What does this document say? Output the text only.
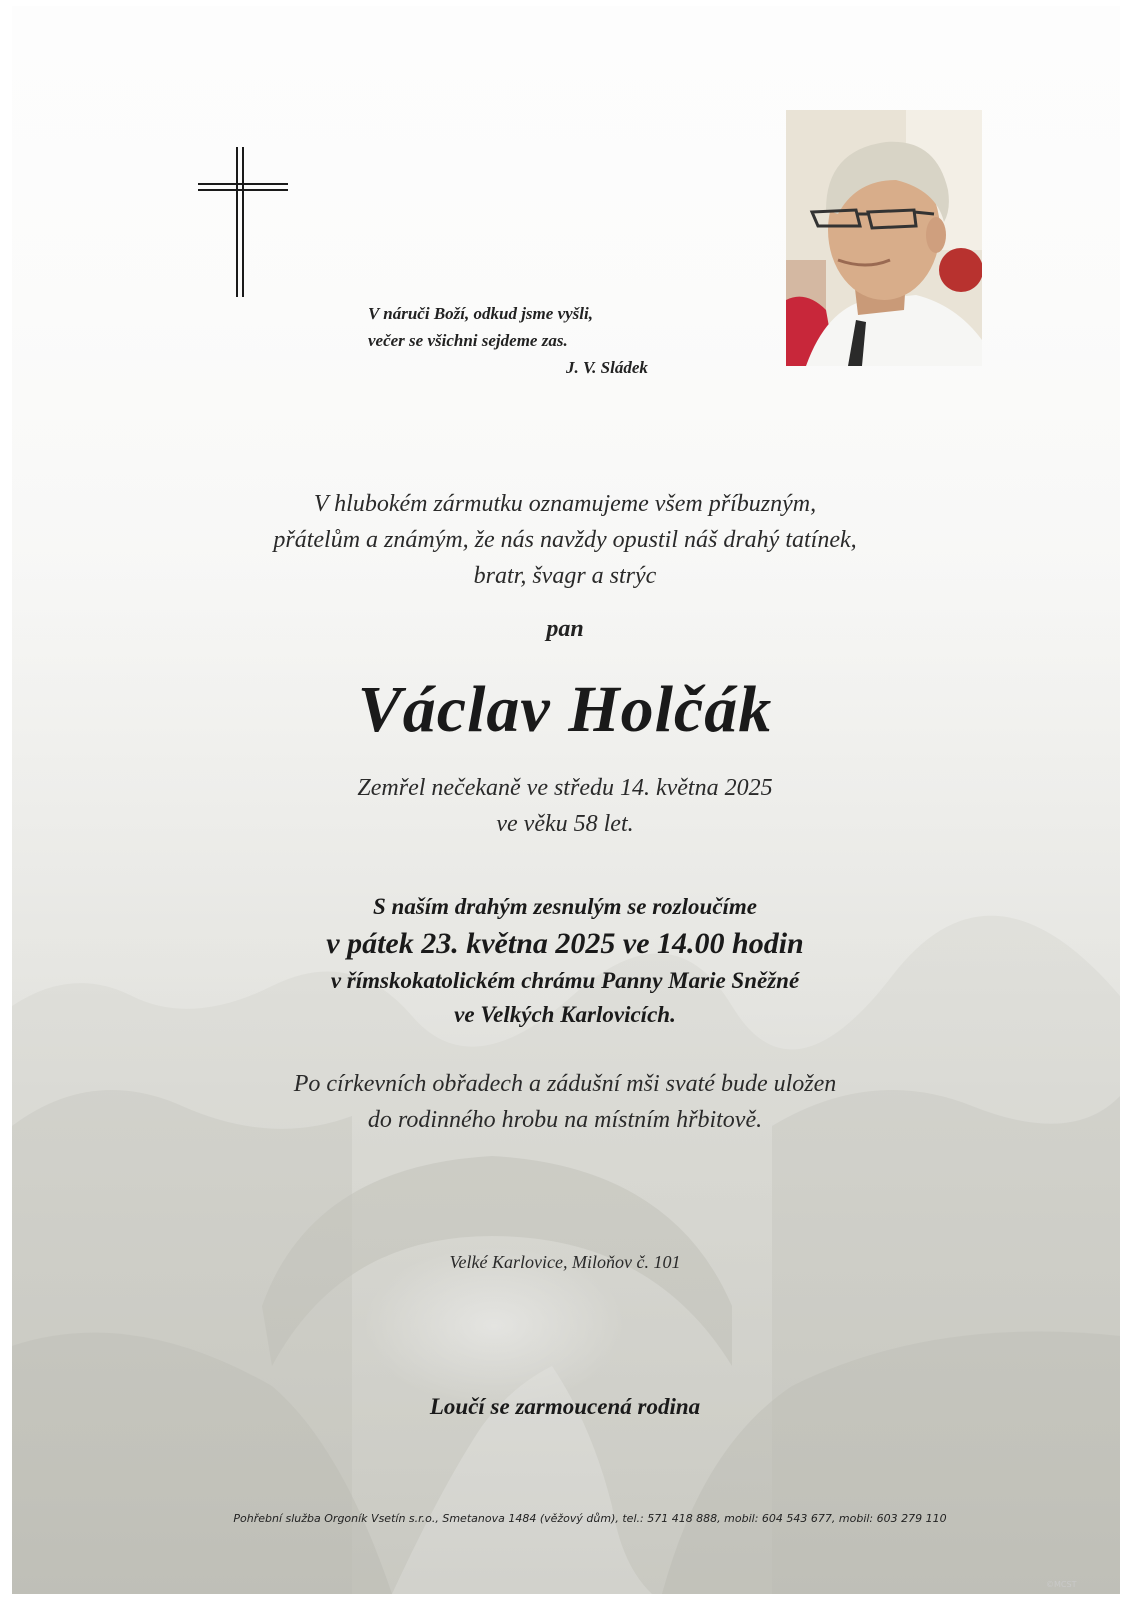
V náruči Boží, odkud jsme vyšli,
večer se všichni sejdeme zas.
J. V. Sládek
V hlubokém zármutku oznamujeme všem příbuzným,
přátelům a známým, že nás navždy opustil náš drahý tatínek,
bratr, švagr a strýc
pan
Václav Holčák
Zemřel nečekaně ve středu 14. května 2025
ve věku 58 let.
S naším drahým zesnulým se rozloučíme
v pátek 23. května 2025 ve 14.00 hodin
v římskokatolickém chrámu Panny Marie Sněžné
ve Velkých Karlovicích.
Po církevních obřadech a zádušní mši svaté bude uložen
do rodinného hrobu na místním hřbitově.
Velké Karlovice, Miloňov č. 101
Loučí se zarmoucená rodina
Pohřební služba Orgoník Vsetín s.r.o., Smetanova 1484 (věžový dům), tel.: 571 418 888, mobil: 604 543 677, mobil: 603 279 110
©MCST
